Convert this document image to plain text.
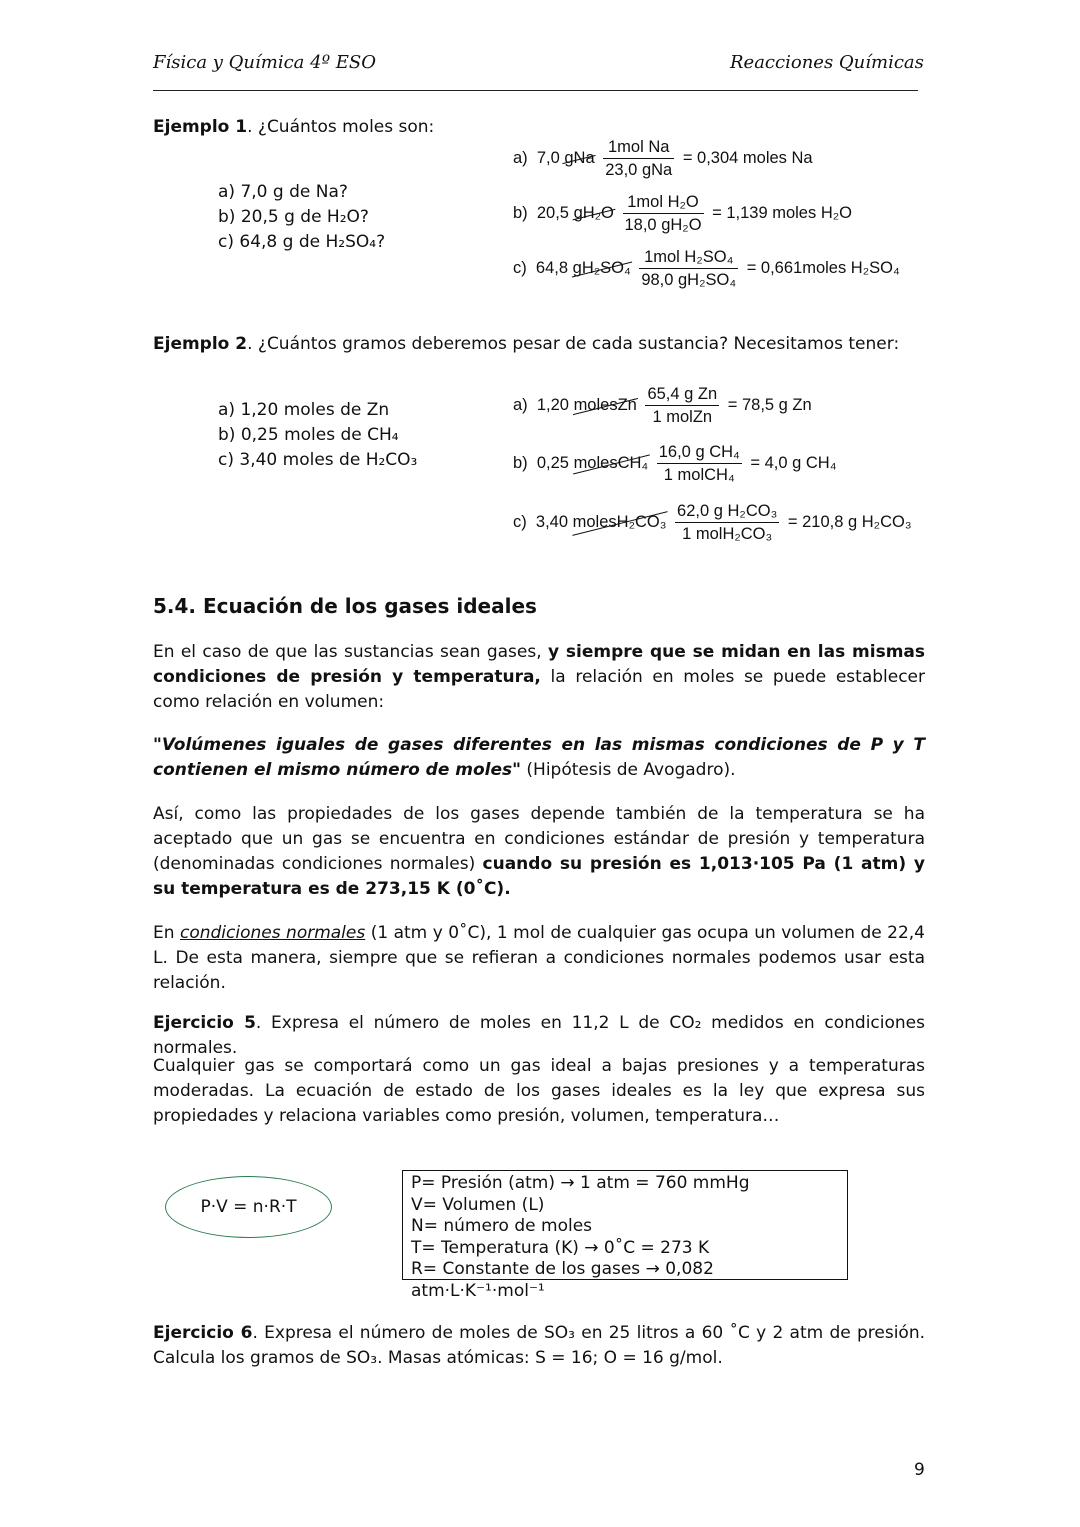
Física y Química 4º ESO	Reacciones Químicas
Ejemplo 1. ¿Cuántos moles son:
a) 7,0 g de Na?
b) 20,5 g de H₂O?
c) 64,8 g de H₂SO₄?
a) 7,0 gNa $\frac{\text{1mol Na}}{\text{23,0 gNa}} = 0,304$ moles Na
b) 20,5 $gH_2O \frac{\text{1mol H₂O}}{\text{18,0 gH₂O}} = 1,139$ moles H₂O
c) 64,8 $gH_2SO_4 \frac{\text{1mol H₂SO₄}}{\text{98,0 gH₂SO₄}}$ = 0,661moles H₂SO₄
Ejemplo 2. ¿Cuántos gramos deberemos pesar de cada sustancia? Necesitamos tener:
a) 1,20 moles de Zn
b) 0,25 moles de CH₄
c) 3,40 moles de H₂CO₃
a) 1,20 molesZn $\frac{\text{65,4 g Zn}}{\text{1 molZn}} = 78,5$ g Zn
b) 0,25 molesCH₄ $\frac{\text{16,0 g CH₄}}{\text{1 molCH₄}} = 4,0$ g CH₄
c) 3,40 molesH₂CO₃ $\frac{\text{62,0 g H₂CO₃}}{\text{1 molH₂CO₃}} = 210,8$ g H₂CO₃
5.4. Ecuación de los gases ideales
En el caso de que las sustancias sean gases, y siempre que se midan en las mismas condiciones de presión y temperatura, la relación en moles se puede establecer como relación en volumen:
"Volúmenes iguales de gases diferentes en las mismas condiciones de P y T contienen el mismo número de moles" (Hipótesis de Avogadro).
Así, como las propiedades de los gases depende también de la temperatura se ha aceptado que un gas se encuentra en condiciones estándar de presión y temperatura (denominadas condiciones normales) cuando su presión es 1,013·105 Pa (1 atm) y su temperatura es de 273,15 K (0˚C).
En condiciones normales (1 atm y 0˚C), 1 mol de cualquier gas ocupa un volumen de 22,4 L. De esta manera, siempre que se refieran a condiciones normales podemos usar esta relación.
Ejercicio 5. Expresa el número de moles en 11,2 L de CO₂ medidos en condiciones normales.
Cualquier gas se comportará como un gas ideal a bajas presiones y a temperaturas moderadas. La ecuación de estado de los gases ideales es la ley que expresa sus propiedades y relaciona variables como presión, volumen, temperatura…
P·V = n·R·T
P= Presión (atm) → 1 atm = 760 mmHg
V= Volumen (L)
N= número de moles
T= Temperatura (K) → 0˚C = 273 K
R= Constante de los gases → 0,082 atm·L·K⁻¹·mol⁻¹
Ejercicio 6. Expresa el número de moles de SO₃ en 25 litros a 60 ˚C y 2 atm de presión. Calcula los gramos de SO₃. Masas atómicas: S = 16; O = 16 g/mol.
9
